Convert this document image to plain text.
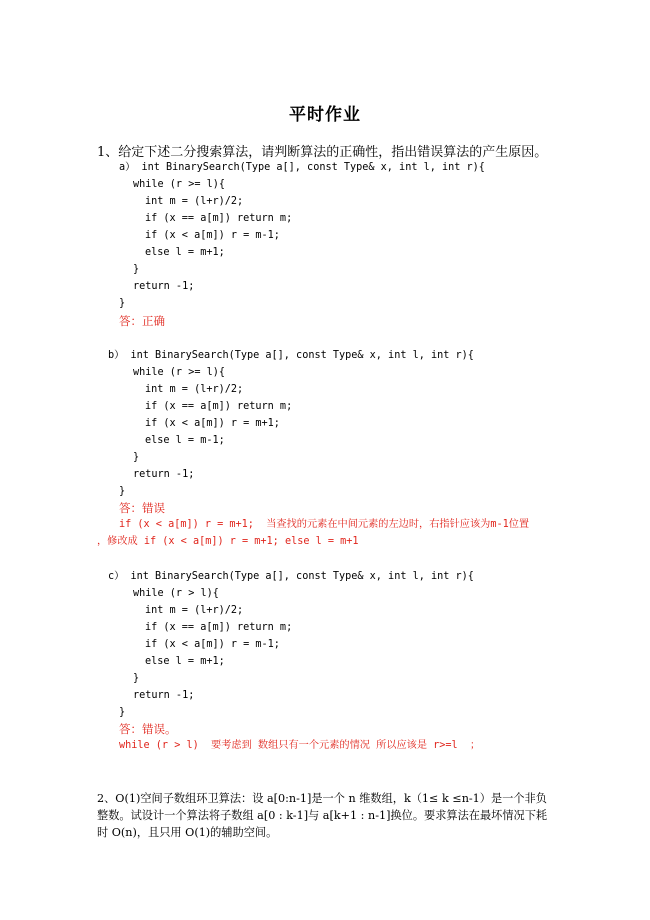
平时作业
1、给定下述二分搜索算法，请判断算法的正确性，指出错误算法的产生原因。
a） int BinarySearch(Type a[], const Type& x, int l, int r){
while (r >= l){
int m = (l+r)/2;
if (x == a[m]) return m;
if (x < a[m]) r = m-1;
else l = m+1;
}
return -1;
}
答：正确
b） int BinarySearch(Type a[], const Type& x, int l, int r){
while (r >= l){
int m = (l+r)/2;
if (x == a[m]) return m;
if (x < a[m]) r = m+1;
else l = m-1;
}
return -1;
}
答：错误
if (x < a[m]) r = m+1;  当查找的元素在中间元素的左边时，右指针应该为m-1位置
，修改成 if (x < a[m]) r = m+1; else l = m+1
c） int BinarySearch(Type a[], const Type& x, int l, int r){
while (r > l){
int m = (l+r)/2;
if (x == a[m]) return m;
if (x < a[m]) r = m-1;
else l = m+1;
}
return -1;
}
答：错误。
while (r > l)  要考虑到 数组只有一个元素的情况 所以应该是 r>=l  ；
2、O(1)空间子数组环卫算法：设 a[0:n-1]是一个 n 维数组，k（1≤ k ≤n-1）是一个非负整数。试设计一个算法将子数组 a[0 : k-1]与 a[k+1 : n-1]换位。要求算法在最坏情况下耗时 O(n)，且只用 O(1)的辅助空间。
